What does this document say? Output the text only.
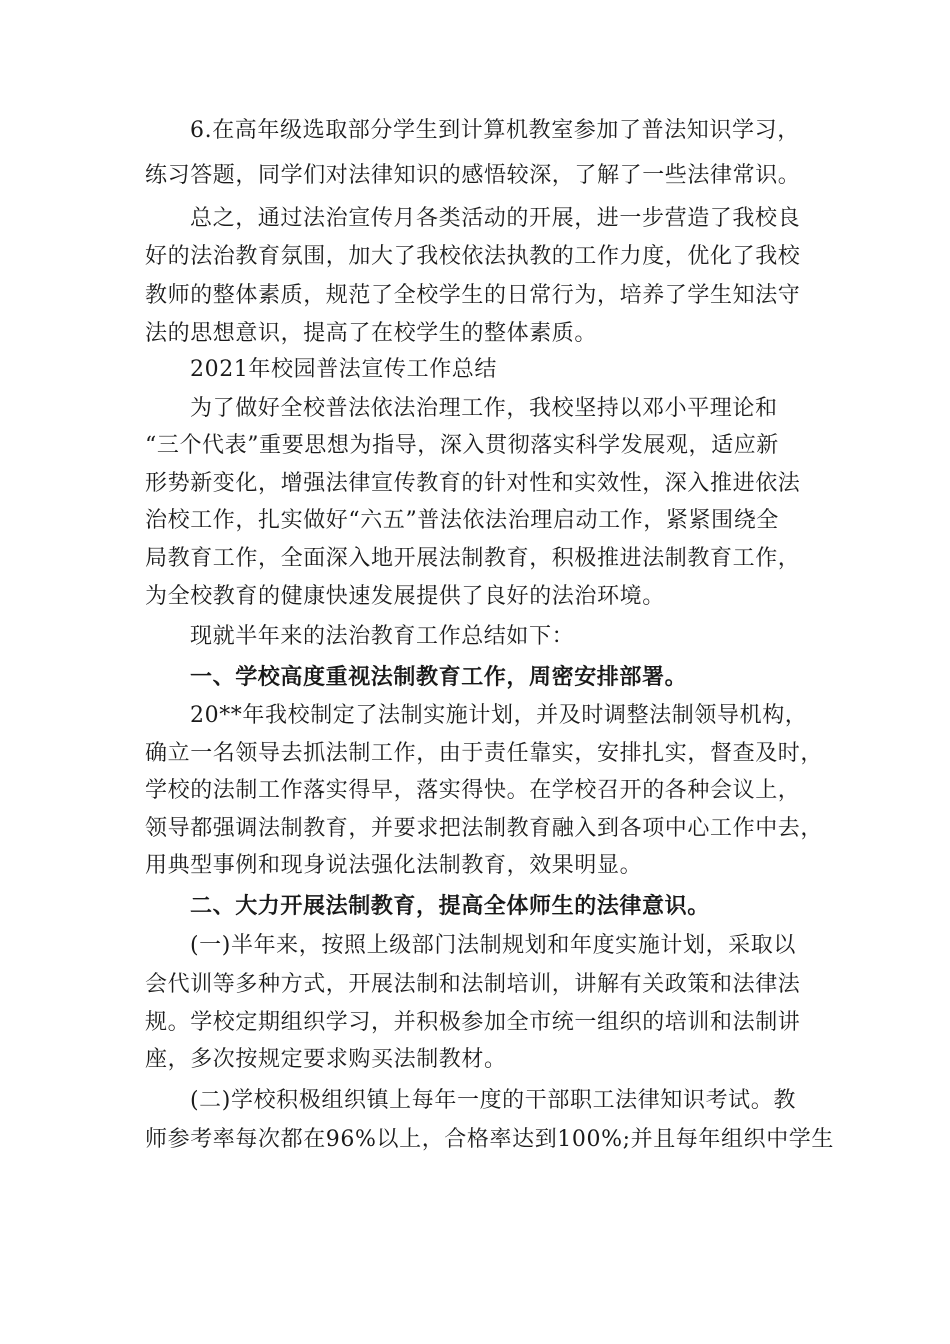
6.在高年级选取部分学生到计算机教室参加了普法知识学习，
练习答题，同学们对法律知识的感悟较深，了解了一些法律常识。
总之，通过法治宣传月各类活动的开展，进一步营造了我校良
好的法治教育氛围，加大了我校依法执教的工作力度，优化了我校
教师的整体素质，规范了全校学生的日常行为，培养了学生知法守
法的思想意识，提高了在校学生的整体素质。
2021年校园普法宣传工作总结
为了做好全校普法依法治理工作，我校坚持以邓小平理论和
“三个代表”重要思想为指导，深入贯彻落实科学发展观，适应新
形势新变化，增强法律宣传教育的针对性和实效性，深入推进依法
治校工作，扎实做好“六五”普法依法治理启动工作，紧紧围绕全
局教育工作，全面深入地开展法制教育，积极推进法制教育工作，
为全校教育的健康快速发展提供了良好的法治环境。
现就半年来的法治教育工作总结如下：
一、学校高度重视法制教育工作，周密安排部署。
20**年我校制定了法制实施计划，并及时调整法制领导机构，
确立一名领导去抓法制工作，由于责任靠实，安排扎实，督查及时，
学校的法制工作落实得早，落实得快。在学校召开的各种会议上，
领导都强调法制教育，并要求把法制教育融入到各项中心工作中去，
用典型事例和现身说法强化法制教育，效果明显。
二、大力开展法制教育，提高全体师生的法律意识。
(一)半年来，按照上级部门法制规划和年度实施计划，采取以
会代训等多种方式，开展法制和法制培训，讲解有关政策和法律法
规。学校定期组织学习，并积极参加全市统一组织的培训和法制讲
座，多次按规定要求购买法制教材。
(二)学校积极组织镇上每年一度的干部职工法律知识考试。教
师参考率每次都在96%以上，合格率达到100%;并且每年组织中学生
